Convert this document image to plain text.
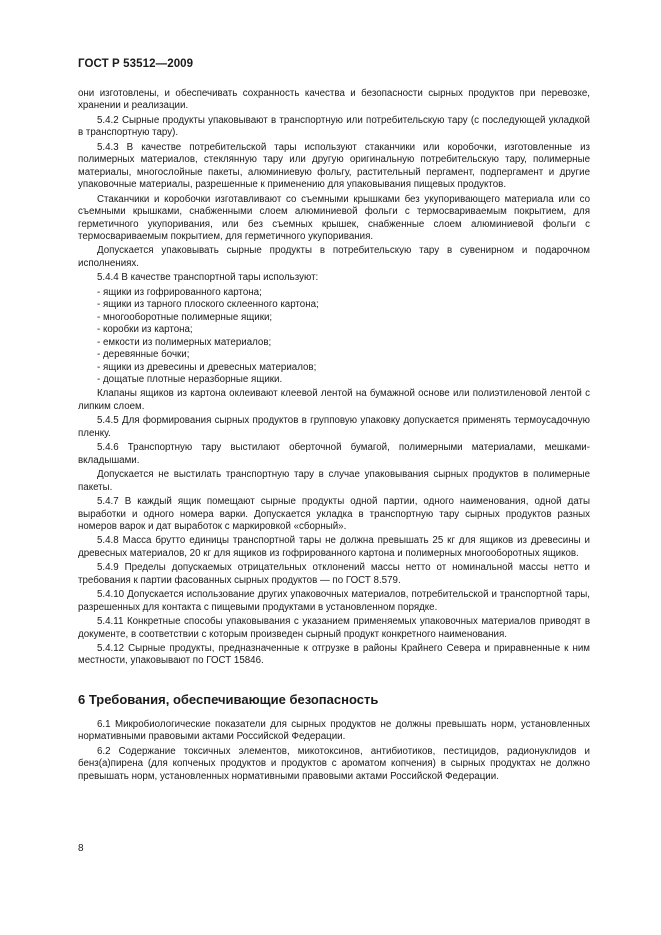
ГОСТ Р 53512—2009

они изготовлены, и обеспечивать сохранность качества и безопасности сырных продуктов при перевозке, хранении и реализации.

5.4.2 Сырные продукты упаковывают в транспортную или потребительскую тару (с последующей укладкой в транспортную тару).

5.4.3 В качестве потребительской тары используют стаканчики или коробочки, изготовленные из полимерных материалов, стеклянную тару или другую оригинальную потребительскую тару, полимерные материалы, многослойные пакеты, алюминиевую фольгу, растительный пергамент, подпергамент и другие упаковочные материалы, разрешенные к применению для упаковывания пищевых продуктов.

Стаканчики и коробочки изготавливают со съемными крышками без укупоривающего материала или со съемными крышками, снабженными слоем алюминиевой фольги с термосвариваемым покрытием, для герметичного укупоривания, или без съемных крышек, снабженные слоем алюминиевой фольги с термосвариваемым покрытием, для герметичного укупоривания.

Допускается упаковывать сырные продукты в потребительскую тару в сувенирном и подарочном исполнениях.

5.4.4 В качестве транспортной тары используют:

- ящики из гофрированного картона;

- ящики из тарного плоского склеенного картона;

- многооборотные полимерные ящики;

- коробки из картона;

- емкости из полимерных материалов;

- деревянные бочки;

- ящики из древесины и древесных материалов;

- дощатые плотные неразборные ящики.

Клапаны ящиков из картона оклеивают клеевой лентой на бумажной основе или полиэтиленовой лентой с липким слоем.

5.4.5 Для формирования сырных продуктов в групповую упаковку допускается применять термоусадочную пленку.

5.4.6 Транспортную тару выстилают оберточной бумагой, полимерными материалами, мешками-вкладышами.

Допускается не выстилать транспортную тару в случае упаковывания сырных продуктов в полимерные пакеты.

5.4.7 В каждый ящик помещают сырные продукты одной партии, одного наименования, одной даты выработки и одного номера варки. Допускается укладка в транспортную тару сырных продуктов разных номеров варок и дат выработок с маркировкой «сборный».

5.4.8 Масса брутто единицы транспортной тары не должна превышать 25 кг для ящиков из древесины и древесных материалов, 20 кг для ящиков из гофрированного картона и полимерных многооборотных ящиков.

5.4.9 Пределы допускаемых отрицательных отклонений массы нетто от номинальной массы нетто и требования к партии фасованных сырных продуктов — по ГОСТ 8.579.

5.4.10 Допускается использование других упаковочных материалов, потребительской и транспортной тары, разрешенных для контакта с пищевыми продуктами в установленном порядке.

5.4.11 Конкретные способы упаковывания с указанием применяемых упаковочных материалов приводят в документе, в соответствии с которым произведен сырный продукт конкретного наименования.

5.4.12 Сырные продукты, предназначенные к отгрузке в районы Крайнего Севера и приравненные к ним местности, упаковывают по ГОСТ 15846.

6 Требования, обеспечивающие безопасность

6.1 Микробиологические показатели для сырных продуктов не должны превышать норм, установленных нормативными правовыми актами Российской Федерации.

6.2 Содержание токсичных элементов, микотоксинов, антибиотиков, пестицидов, радионуклидов и бенз(а)пирена (для копченых продуктов и продуктов с ароматом копчения) в сырных продуктах не должно превышать норм, установленных нормативными правовыми актами Российской Федерации.

8
